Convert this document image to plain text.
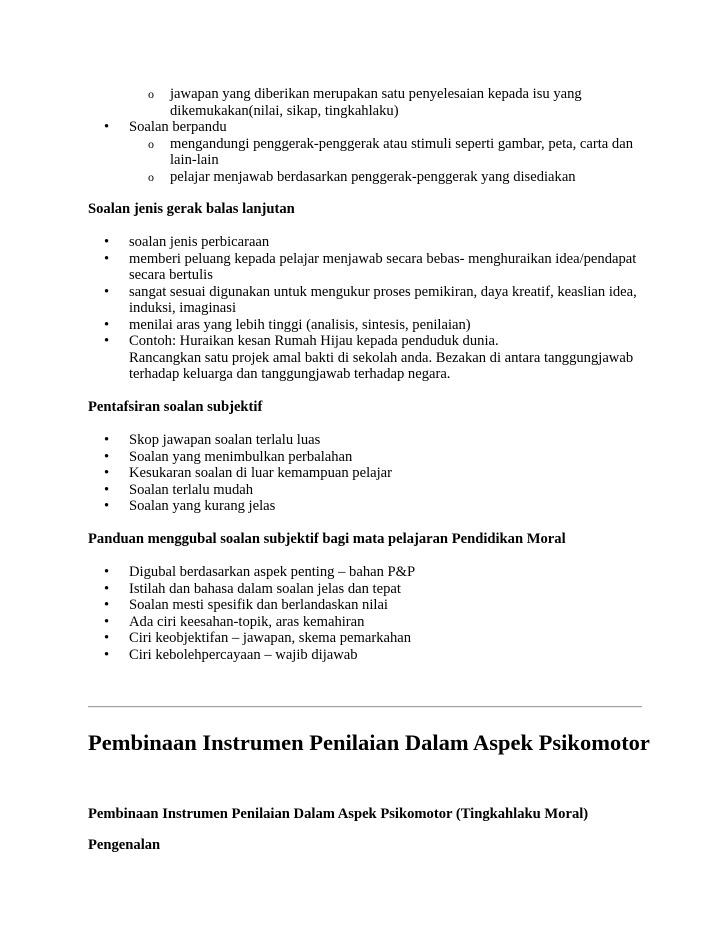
o
jawapan yang diberikan merupakan satu penyelesaian kepada isu yang dikemukakan(nilai, sikap, tingkahlaku)
•
Soalan berpandu
o
mengandungi penggerak-penggerak atau stimuli seperti gambar, peta, carta dan lain-lain
o
pelajar menjawab berdasarkan penggerak-penggerak yang disediakan
Soalan jenis gerak balas lanjutan
•
soalan jenis perbicaraan
•
memberi peluang kepada pelajar menjawab secara bebas- menghuraikan idea/pendapat secara bertulis
•
sangat sesuai digunakan untuk mengukur proses pemikiran, daya kreatif, keaslian idea, induksi, imaginasi
•
menilai aras yang lebih tinggi (analisis, sintesis, penilaian)
•
Contoh: Huraikan kesan Rumah Hijau kepada penduduk dunia.
Rancangkan satu projek amal bakti di sekolah anda. Bezakan di antara tanggungjawab terhadap keluarga dan tanggungjawab terhadap negara.
Pentafsiran soalan subjektif
•
Skop jawapan soalan terlalu luas
•
Soalan yang menimbulkan perbalahan
•
Kesukaran soalan di luar kemampuan pelajar
•
Soalan terlalu mudah
•
Soalan yang kurang jelas
Panduan menggubal soalan subjektif bagi mata pelajaran Pendidikan Moral
•
Digubal berdasarkan aspek penting – bahan P&P
•
Istilah dan bahasa dalam soalan jelas dan tepat
•
Soalan mesti spesifik dan berlandaskan nilai
•
Ada ciri keesahan-topik, aras kemahiran
•
Ciri keobjektifan – jawapan, skema pemarkahan
•
Ciri kebolehpercayaan – wajib dijawab
Pembinaan Instrumen Penilaian Dalam Aspek Psikomotor
Pembinaan Instrumen Penilaian Dalam Aspek Psikomotor (Tingkahlaku Moral)
Pengenalan
